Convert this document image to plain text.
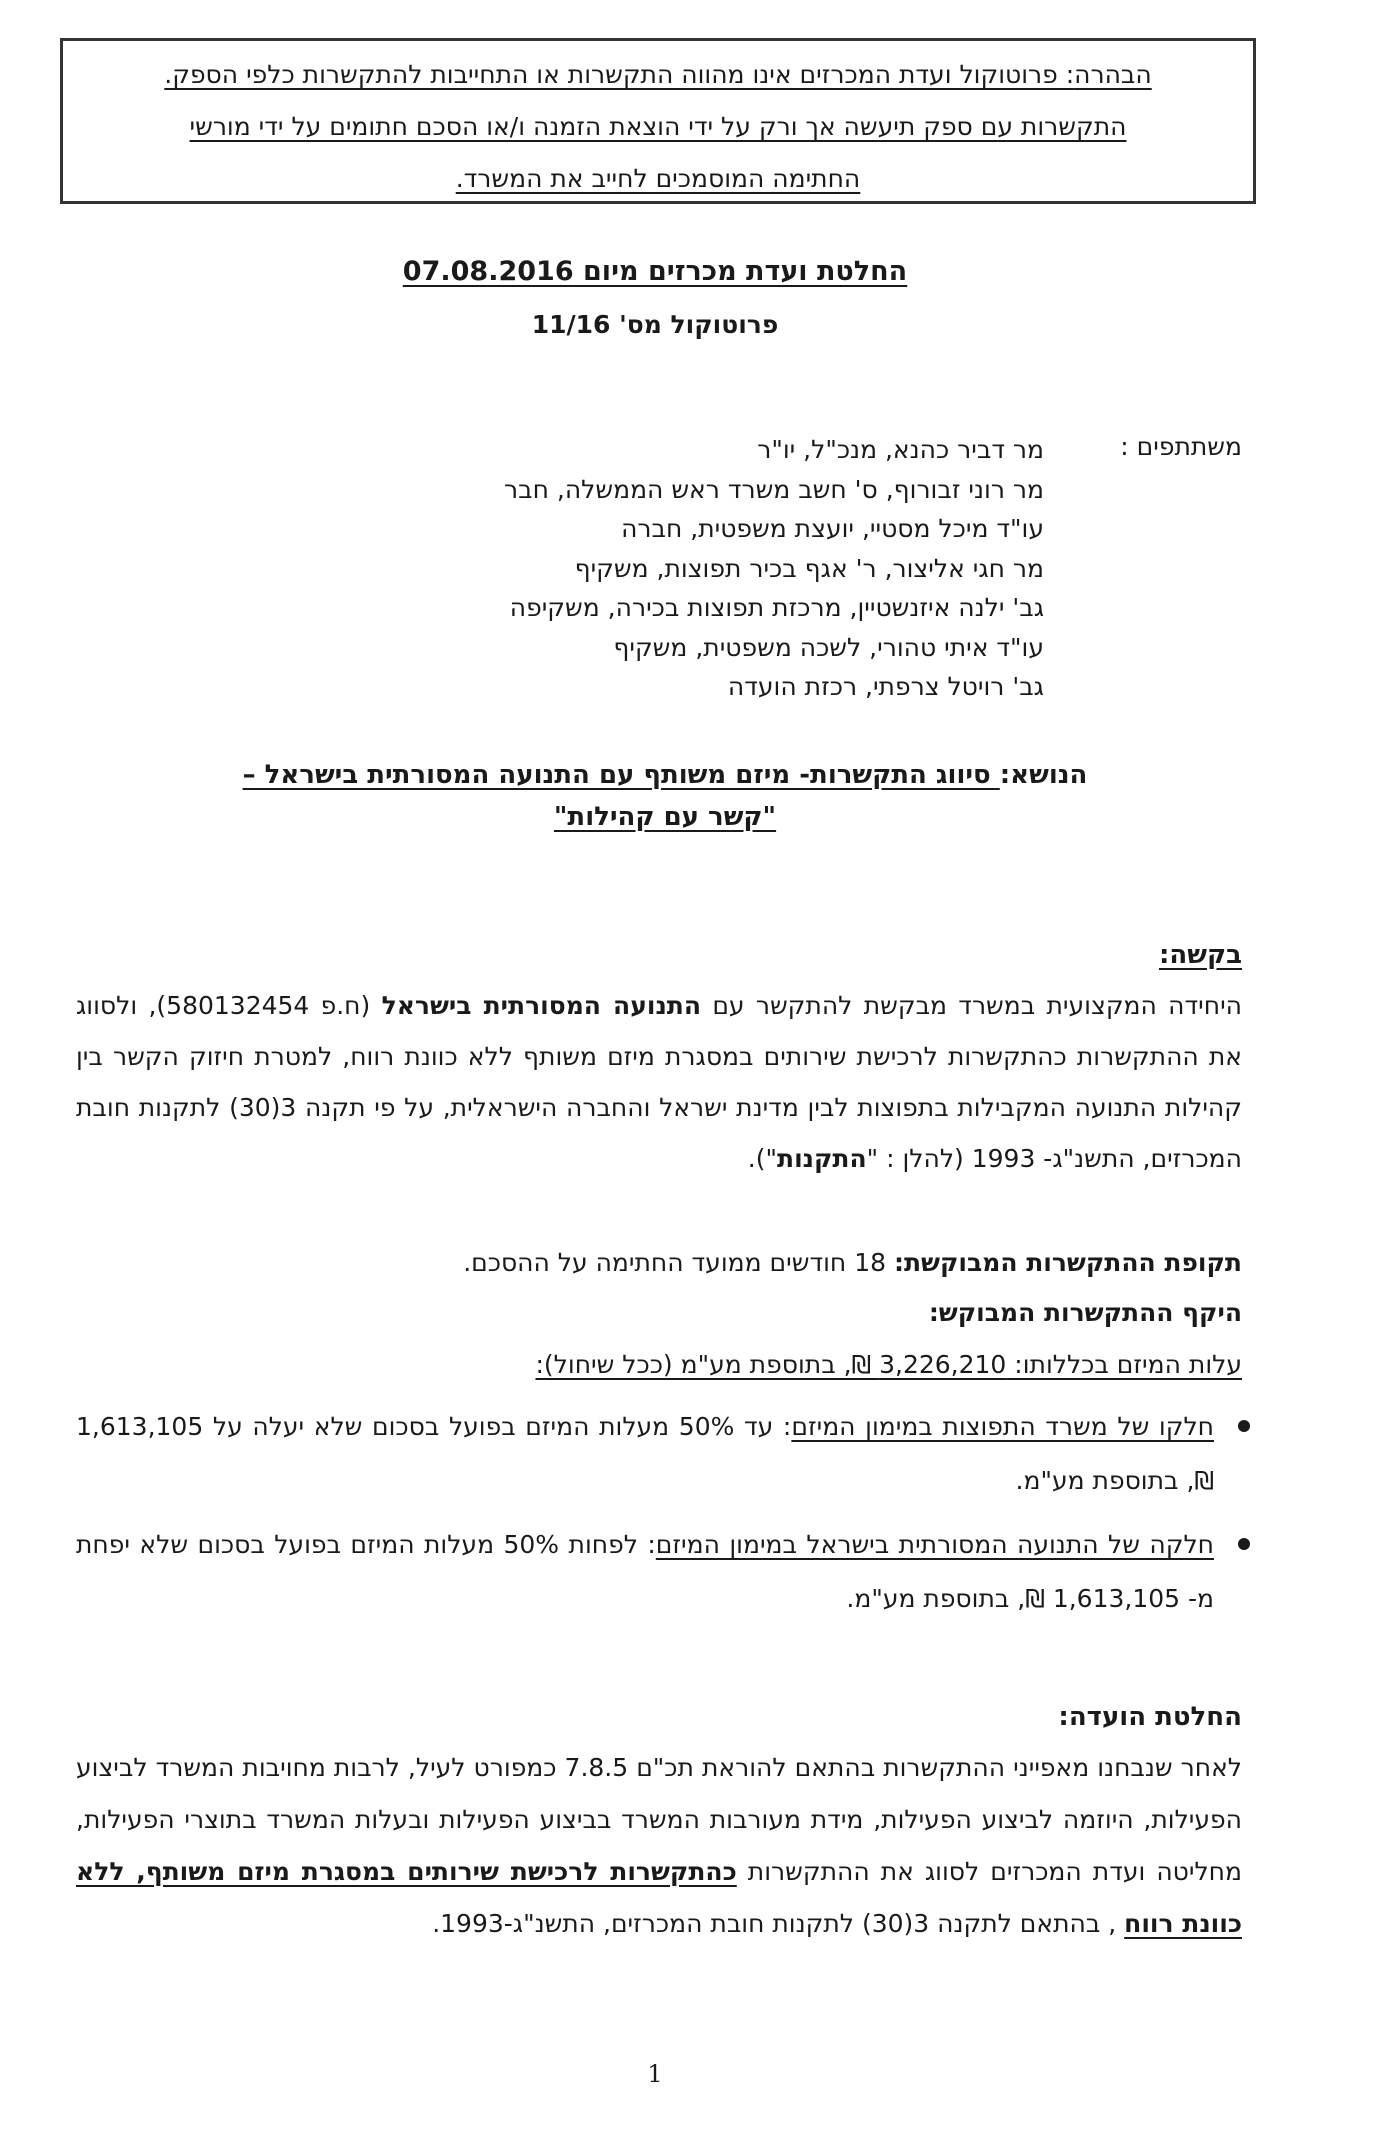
הבהרה: פרוטוקול ועדת המכרזים אינו מהווה התקשרות או התחייבות להתקשרות כלפי הספק.
התקשרות עם ספק תיעשה אך ורק על ידי הוצאת הזמנה ו/או הסכם חתומים על ידי מורשי
החתימה המוסמכים לחייב את המשרד.
החלטת ועדת מכרזים מיום 07.08.2016
פרוטוקול מס' 11/16
משתתפים :
מר דביר כהנא, מנכ"ל, יו"ר
מר רוני זבורוף, ס' חשב משרד ראש הממשלה, חבר
עו"ד מיכל מסטיי, יועצת משפטית, חברה
מר חגי אליצור, ר' אגף בכיר תפוצות, משקיף
גב' ילנה איזנשטיין, מרכזת תפוצות בכירה, משקיפה
עו"ד איתי טהורי, לשכה משפטית, משקיף
גב' רויטל צרפתי, רכזת הועדה
הנושא: סיווג התקשרות- מיזם משותף עם התנועה המסורתית בישראל –
"קשר עם קהילות"
בקשה:
היחידה המקצועית במשרד מבקשת להתקשר עם התנועה המסורתית בישראל (ח.פ 580132454), ולסווג את ההתקשרות כהתקשרות לרכישת שירותים במסגרת מיזם משותף ללא כוונת רווח, למטרת חיזוק הקשר בין קהילות התנועה המקבילות בתפוצות לבין מדינת ישראל והחברה הישראלית, על פי תקנה 3(30) לתקנות חובת המכרזים, התשנ"ג- 1993 (להלן : "התקנות").
תקופת ההתקשרות המבוקשת: 18 חודשים ממועד החתימה על ההסכם.
היקף ההתקשרות המבוקש:
עלות המיזם בכללותו: 3,226,210 ₪, בתוספת מע"מ (ככל שיחול):
חלקו של משרד התפוצות במימון המיזם: עד 50% מעלות המיזם בפועל בסכום שלא יעלה על 1,613,105 ₪, בתוספת מע"מ.
חלקה של התנועה המסורתית בישראל במימון המיזם: לפחות 50% מעלות המיזם בפועל בסכום שלא יפחת מ- 1,613,105 ₪, בתוספת מע"מ.
החלטת הועדה:
לאחר שנבחנו מאפייני ההתקשרות בהתאם להוראת תכ"ם 7.8.5 כמפורט לעיל, לרבות מחויבות המשרד לביצוע הפעילות, היוזמה לביצוע הפעילות, מידת מעורבות המשרד בביצוע הפעילות ובעלות המשרד בתוצרי הפעילות, מחליטה ועדת המכרזים לסווג את ההתקשרות כהתקשרות לרכישת שירותים במסגרת מיזם משותף, ללא כוונת רווח , בהתאם לתקנה 3(30) לתקנות חובת המכרזים, התשנ"ג-1993.
1
